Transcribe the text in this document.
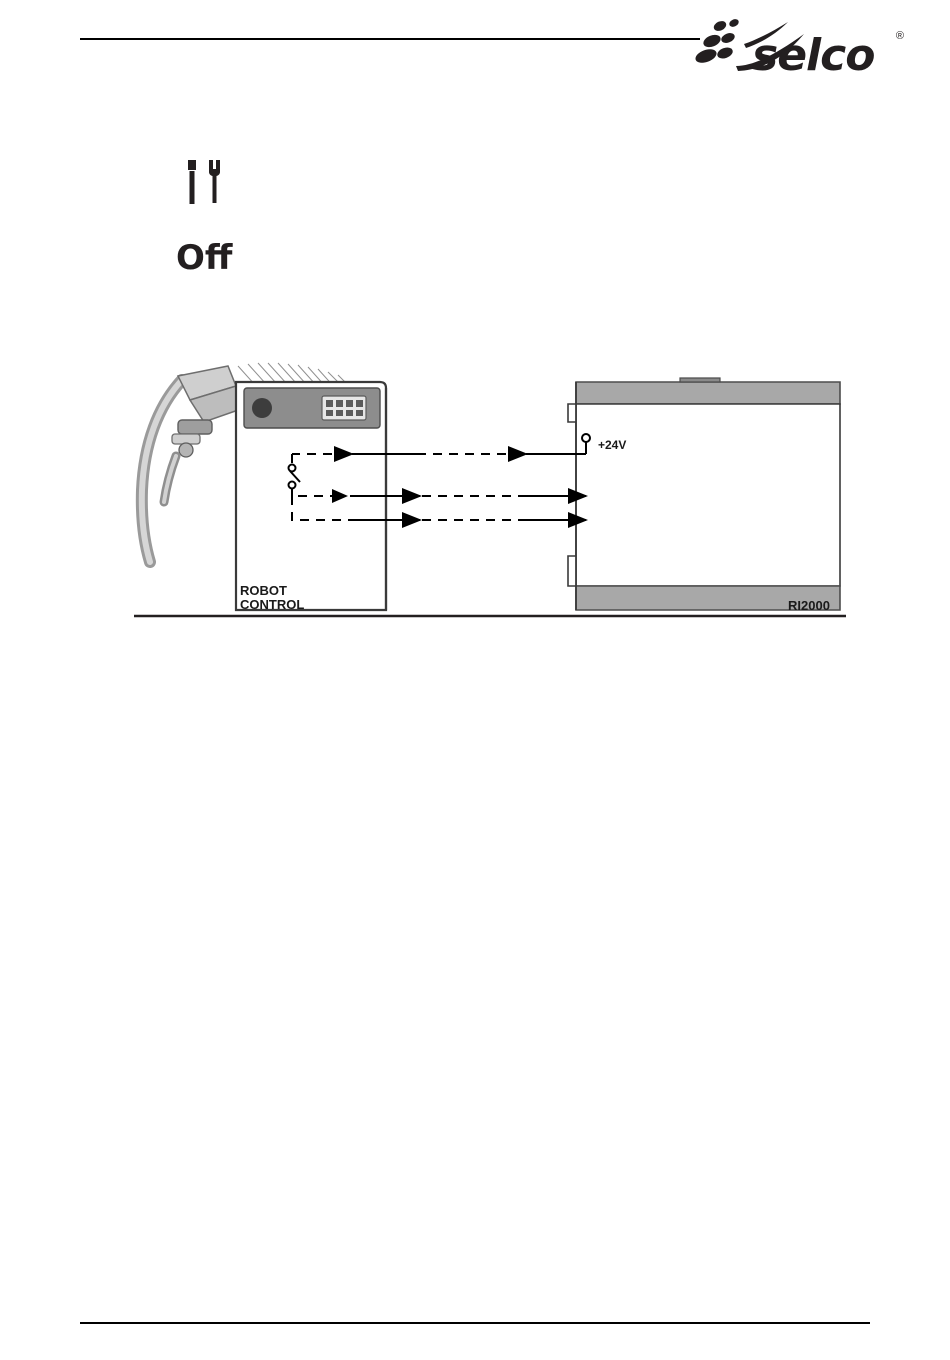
selco ®
Off
ROBOT
CONTROL	RI2000
+24V
